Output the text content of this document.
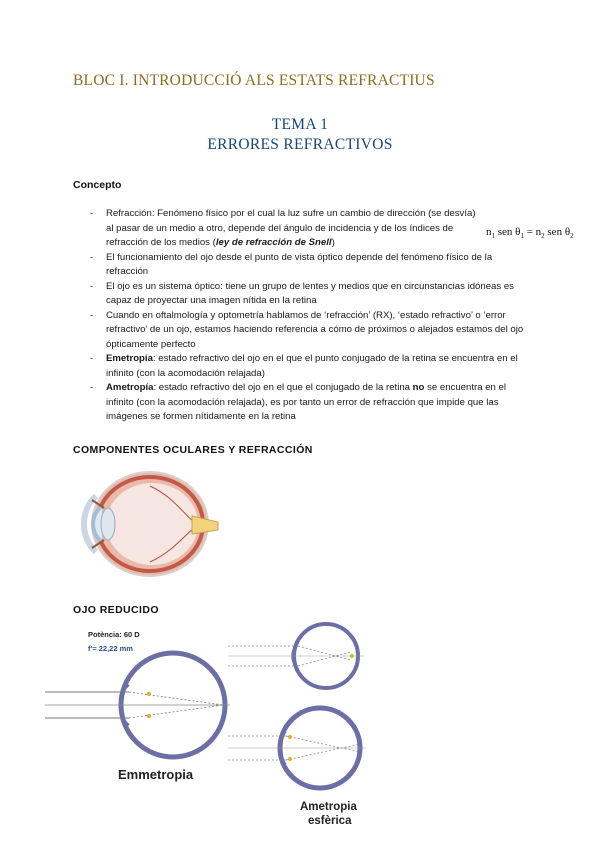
BLOC I. INTRODUCCIÓ ALS ESTATS REFRACTIUS
TEMA 1
ERRORES REFRACTIVOS
Concepto
- Refracción: Fenómeno físico por el cual la luz sufre un cambio de dirección (se desvía) al pasar de un medio a otro, depende del ángulo de incidencia y de los índices de refracción de los medios (ley de refracción de Snell)
- El funcionamiento del ojo desde el punto de vista óptico depende del fenómeno físico de la refracción
- El ojo es un sistema óptico: tiene un grupo de lentes y medios que en circunstancias idóneas es capaz de proyectar una imagen nítida en la retina
- Cuando en oftalmología y optometría hablamos de ‘refracción’ (RX), ‘estado refractivo’ o ‘error refractivo’ de un ojo, estamos haciendo referencia a cómo de próximos o alejados estamos del ojo ópticamente perfecto
- Emetropía: estado refractivo del ojo en el que el punto conjugado de la retina se encuentra en el infinito (con la acomodación relajada)
- Ametropía: estado refractivo del ojo en el que el conjugado de la retina no se encuentra en el infinito (con la acomodación relajada), es por tanto un error de refracción que impide que las imágenes se formen nítidamente en la retina
$n_1$ sen $\theta_1 = n_2$ sen $\theta_2$
COMPONENTES OCULARES Y REFRACCIÓN
OJO REDUCIDO
Potència: 60 D
f'= 22,22 mm
Emmetropia
Ametropia
esfèrica
